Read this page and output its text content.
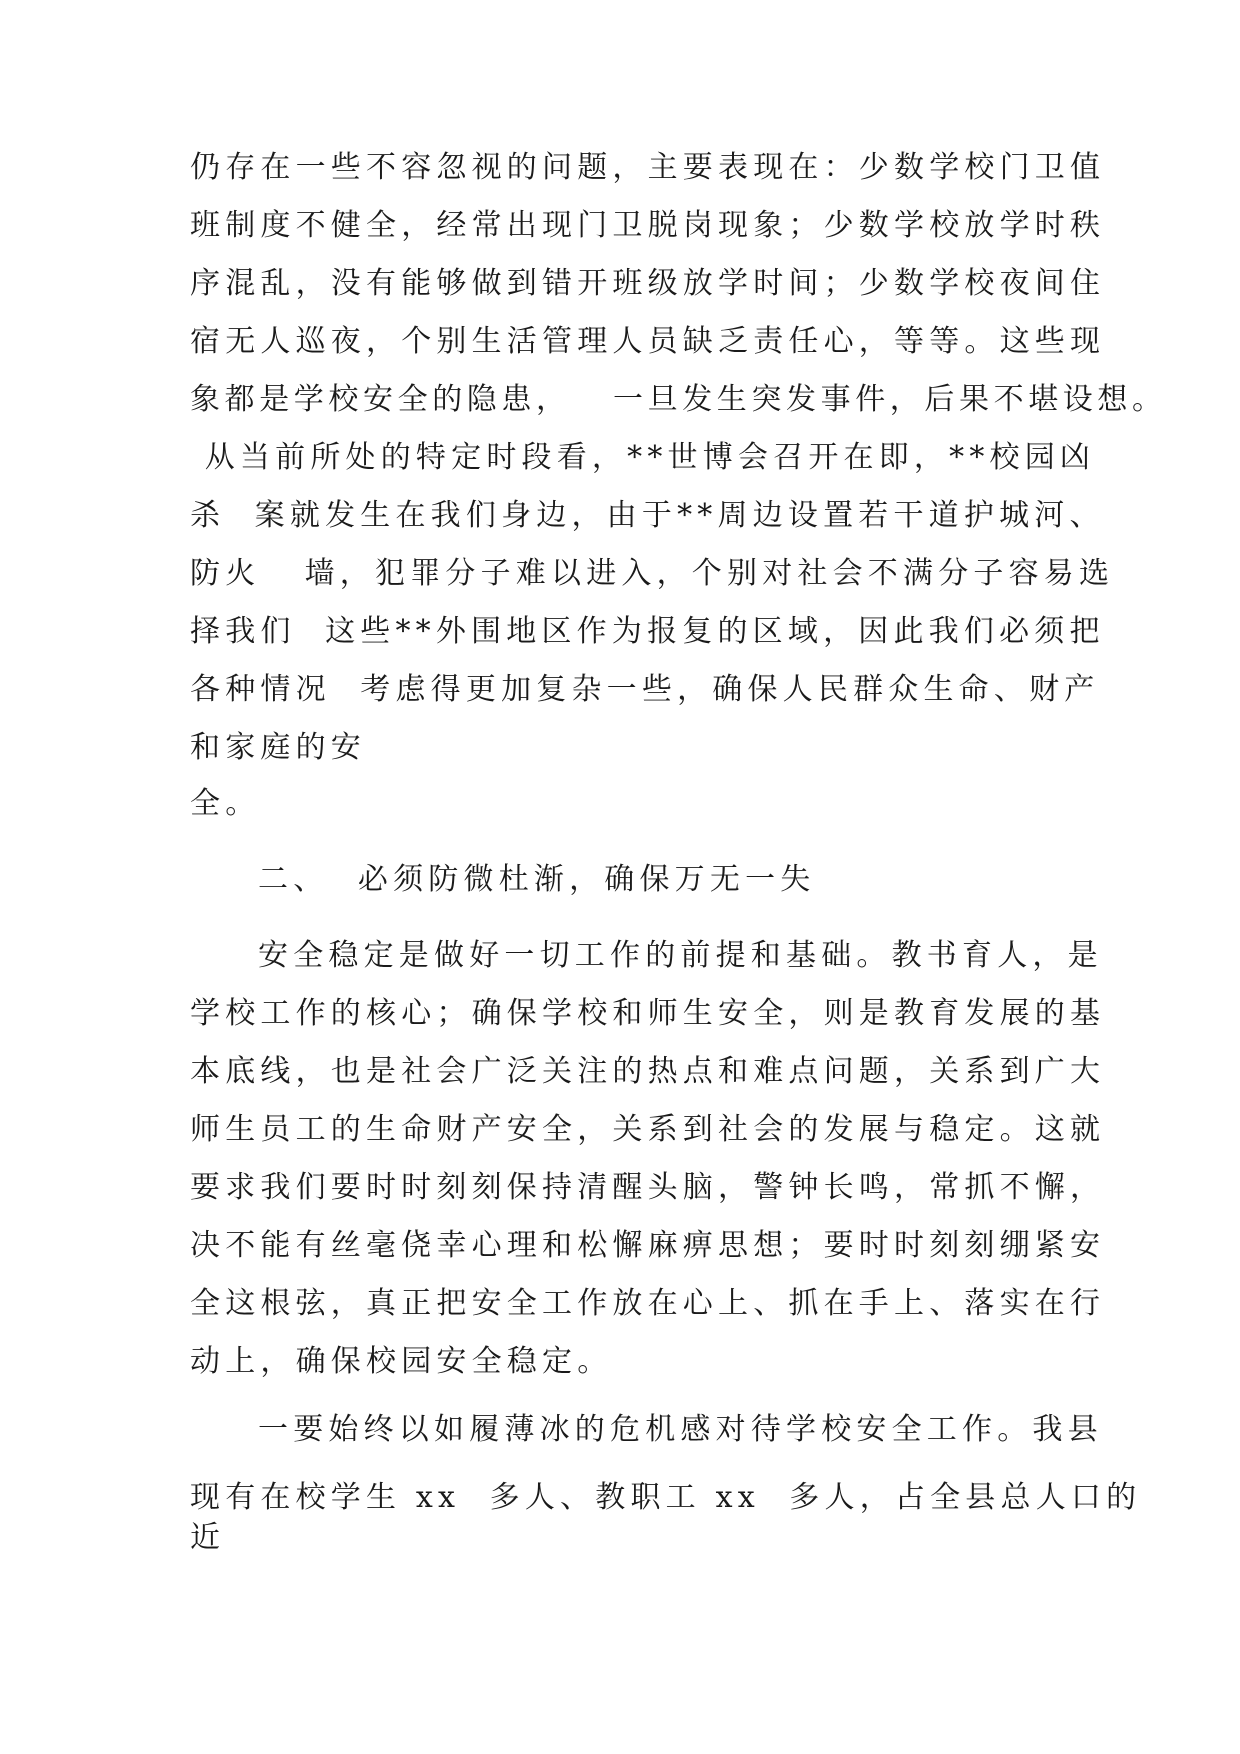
仍存在一些不容忽视的问题，主要表现在：少数学校门卫值
班制度不健全，经常出现门卫脱岗现象；少数学校放学时秩
序混乱，没有能够做到错开班级放学时间；少数学校夜间住
宿无人巡夜，个别生活管理人员缺乏责任心，等等。这些现
象都是学校安全的隐患，   一旦发生突发事件，后果不堪设想。
从当前所处的特定时段看，**世博会召开在即，**校园凶
杀  案就发生在我们身边，由于**周边设置若干道护城河、
防火   墙，犯罪分子难以进入，个别对社会不满分子容易选
择我们  这些**外围地区作为报复的区域，因此我们必须把
各种情况  考虑得更加复杂一些，确保人民群众生命、财产
和家庭的安
全。
二、  必须防微杜渐，确保万无一失
安全稳定是做好一切工作的前提和基础。教书育人，是
学校工作的核心；确保学校和师生安全，则是教育发展的基
本底线，也是社会广泛关注的热点和难点问题，关系到广大
师生员工的生命财产安全，关系到社会的发展与稳定。这就
要求我们要时时刻刻保持清醒头脑，警钟长鸣，常抓不懈，
决不能有丝毫侥幸心理和松懈麻痹思想；要时时刻刻绷紧安
全这根弦，真正把安全工作放在心上、抓在手上、落实在行
动上，确保校园安全稳定。
一要始终以如履薄冰的危机感对待学校安全工作。我县
现有在校学生 xx  多人、教职工 xx  多人，占全县总人口的
近
